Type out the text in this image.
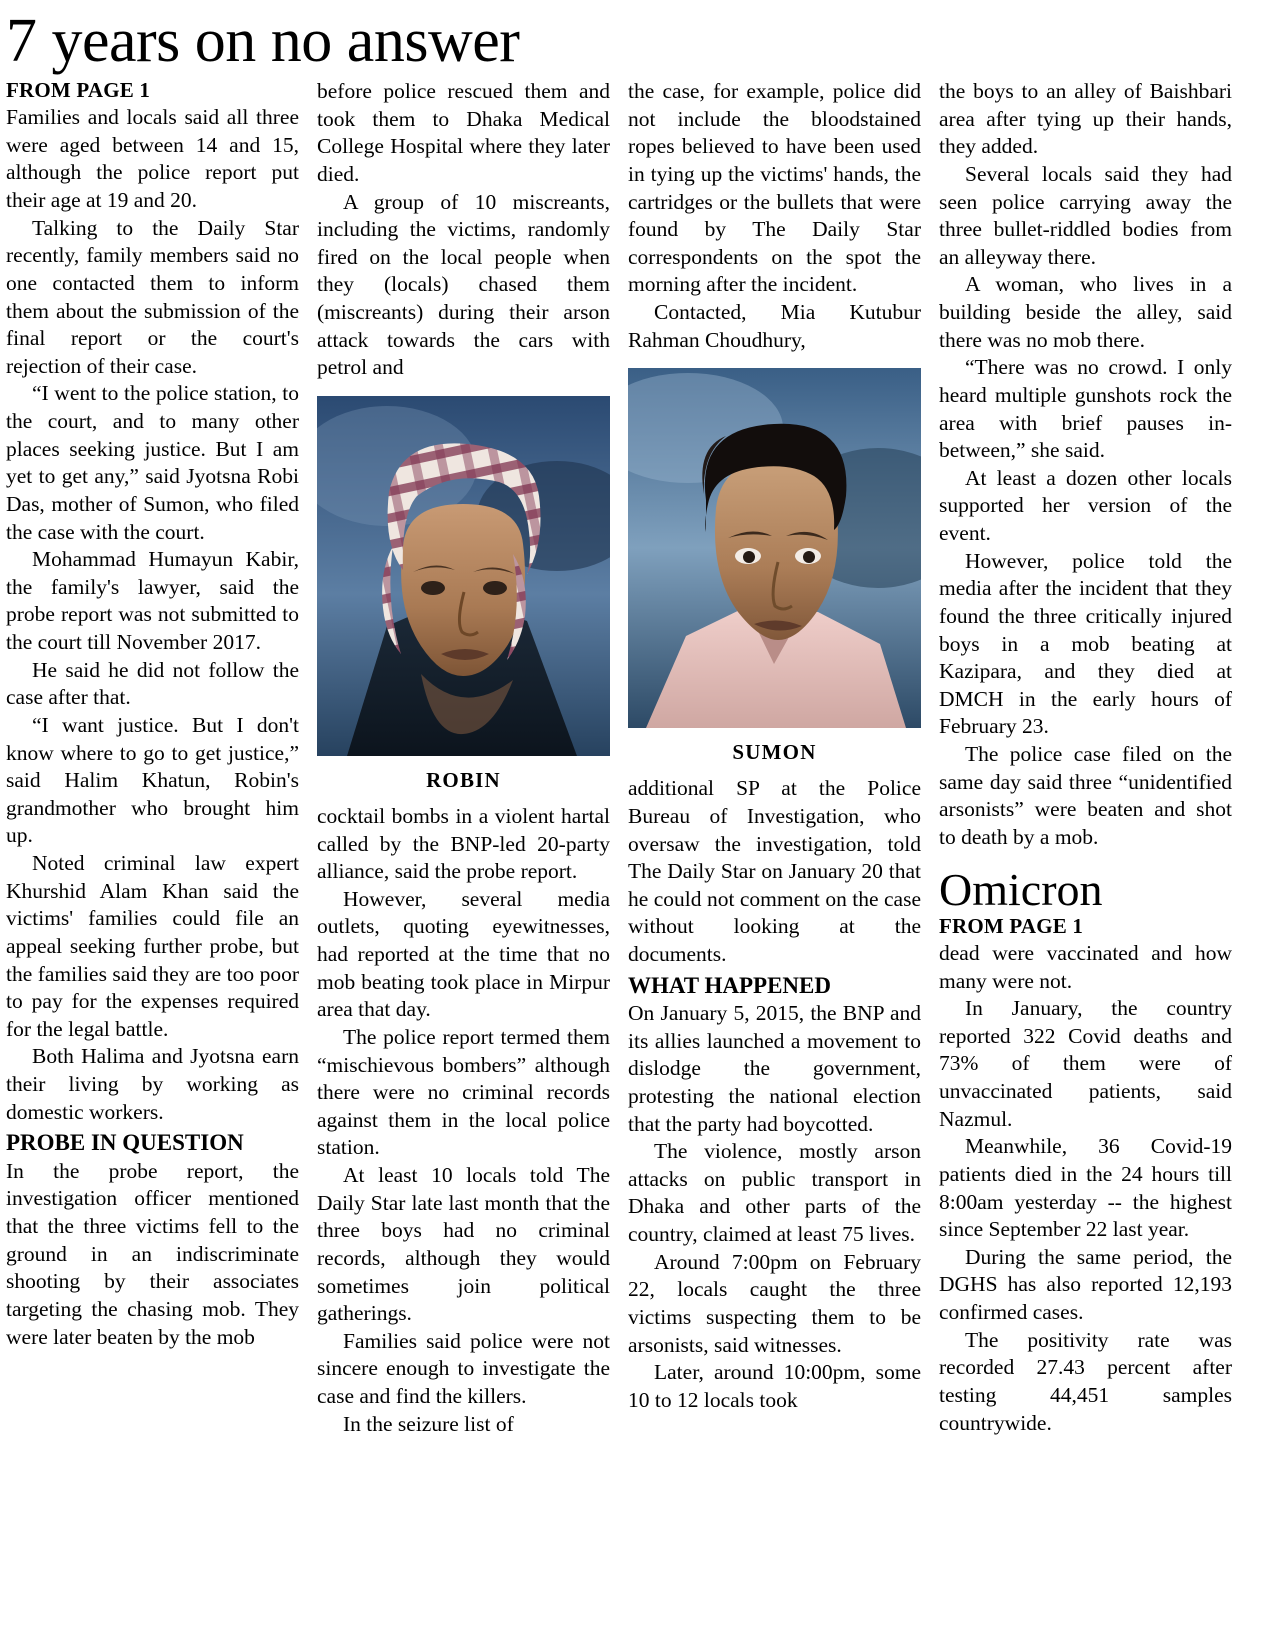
7 years on no answer
FROM PAGE 1

Families and locals said all three were aged between 14 and 15, although the police report put their age at 19 and 20.

Talking to the Daily Star recently, family members said no one contacted them to inform them about the submission of the final report or the court's rejection of their case.

“I went to the police station, to the court, and to many other places seeking justice. But I am yet to get any,” said Jyotsna Robi Das, mother of Sumon, who filed the case with the court.

Mohammad Humayun Kabir, the family's lawyer, said the probe report was not submitted to the court till November 2017.

He said he did not follow the case after that.

“I want justice. But I don't know where to go to get justice,” said Halim Khatun, Robin's grandmother who brought him up.

Noted criminal law expert Khurshid Alam Khan said the victims' families could file an appeal seeking further probe, but the families said they are too poor to pay for the expenses required for the legal battle.

Both Halima and Jyotsna earn their living by working as domestic workers.

PROBE IN QUESTION

In the probe report, the investigation officer mentioned that the three victims fell to the ground in an indiscriminate shooting by their associates targeting the chasing mob. They were later beaten by the mob

before police rescued them and took them to Dhaka Medical College Hospital where they later died.

A group of 10 miscreants, including the victims, randomly fired on the local people when they (locals) chased them (miscreants) during their arson attack towards the cars with petrol and

ROBIN

cocktail bombs in a violent hartal called by the BNP-led 20-party alliance, said the probe report.

However, several media outlets, quoting eyewitnesses, had reported at the time that no mob beating took place in Mirpur area that day.

The police report termed them “mischievous bombers” although there were no criminal records against them in the local police station.

At least 10 locals told The Daily Star late last month that the three boys had no criminal records, although they would sometimes join political gatherings.

Families said police were not sincere enough to investigate the case and find the killers.

In the seizure list of

the case, for example, police did not include the bloodstained ropes believed to have been used in tying up the victims' hands, the cartridges or the bullets that were found by The Daily Star correspondents on the spot the morning after the incident.

Contacted, Mia Kutubur Rahman Choudhury,

SUMON

additional SP at the Police Bureau of Investigation, who oversaw the investigation, told The Daily Star on January 20 that he could not comment on the case without looking at the documents.

WHAT HAPPENED

On January 5, 2015, the BNP and its allies launched a movement to dislodge the government, protesting the national election that the party had boycotted.

The violence, mostly arson attacks on public transport in Dhaka and other parts of the country, claimed at least 75 lives.

Around 7:00pm on February 22, locals caught the three victims suspecting them to be arsonists, said witnesses.

Later, around 10:00pm, some 10 to 12 locals took

the boys to an alley of Baishbari area after tying up their hands, they added.

Several locals said they had seen police carrying away the three bullet-riddled bodies from an alleyway there.

A woman, who lives in a building beside the alley, said there was no mob there.

“There was no crowd. I only heard multiple gunshots rock the area with brief pauses in-between,” she said.

At least a dozen other locals supported her version of the event.

However, police told the media after the incident that they found the three critically injured boys in a mob beating at Kazipara, and they died at DMCH in the early hours of February 23.

The police case filed on the same day said three “unidentified arsonists” were beaten and shot to death by a mob.

Omicron
FROM PAGE 1

dead were vaccinated and how many were not.

In January, the country reported 322 Covid deaths and 73% of them were of unvaccinated patients, said Nazmul.

Meanwhile, 36 Covid-19 patients died in the 24 hours till 8:00am yesterday -- the highest since September 22 last year.

During the same period, the DGHS has also reported 12,193 confirmed cases.

The positivity rate was recorded 27.43 percent after testing 44,451 samples countrywide.
